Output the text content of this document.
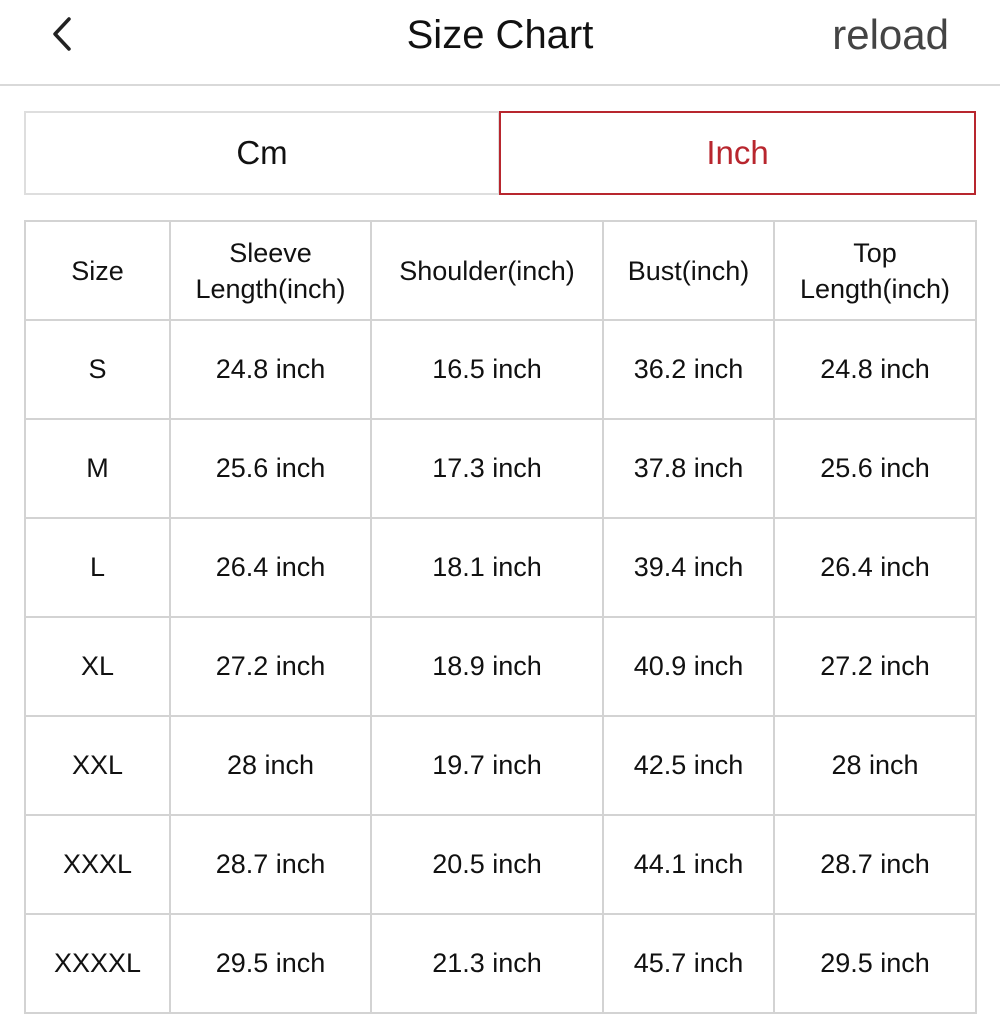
Size Chart	reload
Cm	Inch
Size	Sleeve Length(inch)	Shoulder(inch)	Bust(inch)	Top Length(inch)
S	24.8 inch	16.5 inch	36.2 inch	24.8 inch
M	25.6 inch	17.3 inch	37.8 inch	25.6 inch
L	26.4 inch	18.1 inch	39.4 inch	26.4 inch
XL	27.2 inch	18.9 inch	40.9 inch	27.2 inch
XXL	28 inch	19.7 inch	42.5 inch	28 inch
XXXL	28.7 inch	20.5 inch	44.1 inch	28.7 inch
XXXXL	29.5 inch	21.3 inch	45.7 inch	29.5 inch
